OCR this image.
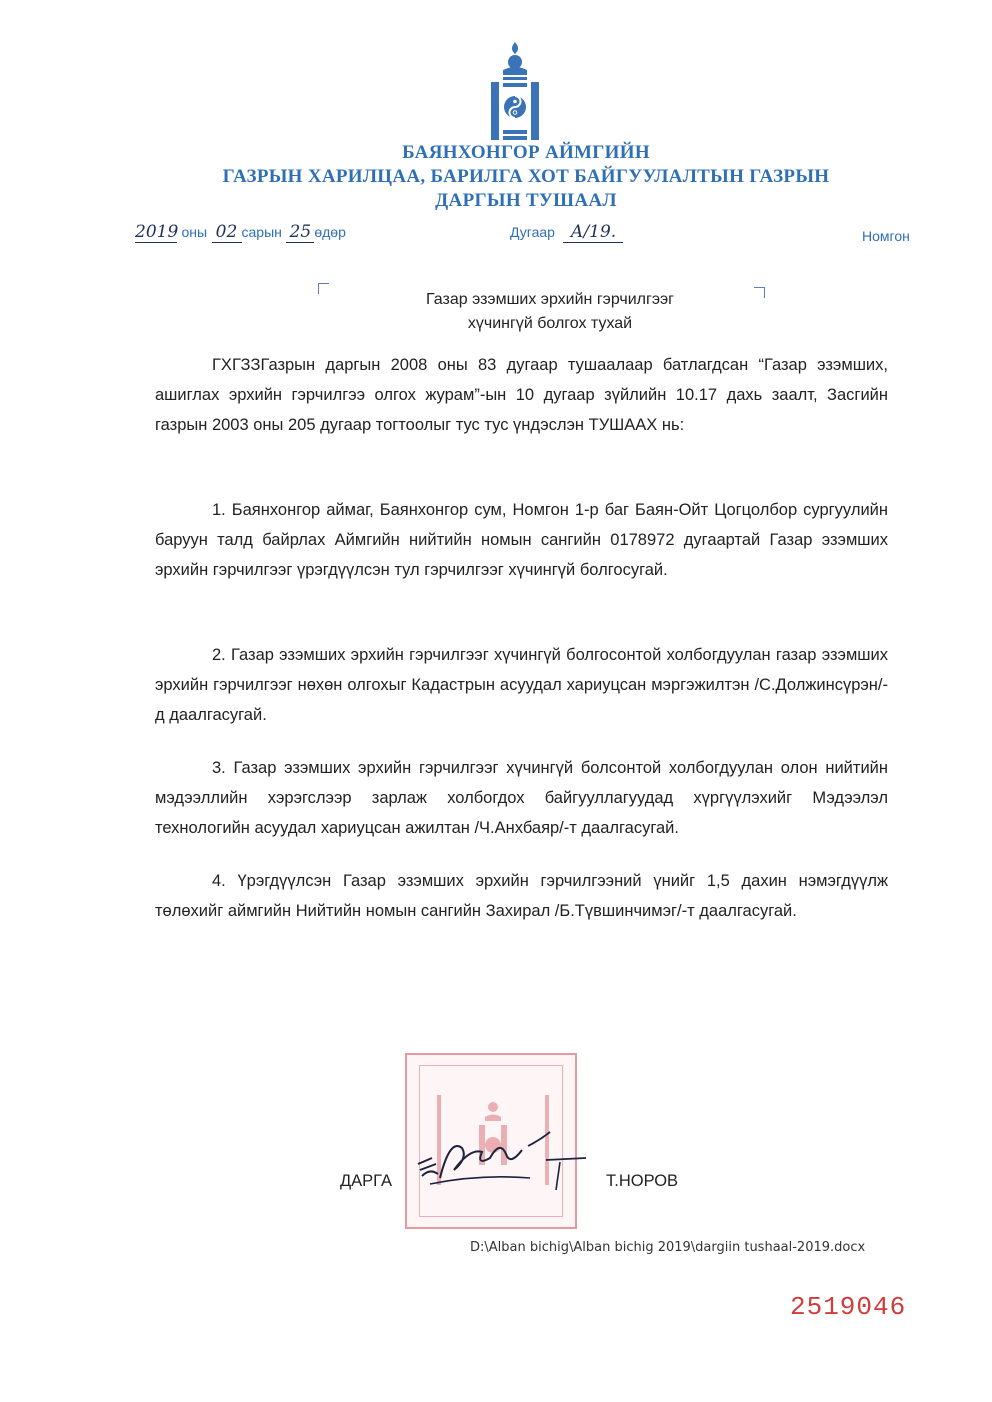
БАЯНХОНГОР АЙМГИЙН
ГАЗРЫН ХАРИЛЦАА, БАРИЛГА ХОТ БАЙГУУЛАЛТЫН ГАЗРЫН
ДАРГЫН ТУШААЛ
2019 оны 02 сарын 25 өдөр	Дугаар А/19.	Номгон
Газар эзэмших эрхийн гэрчилгээг
хүчингүй болгох тухай

ГХГЗЗГазрын даргын 2008 оны 83 дугаар тушаалаар батлагдсан “Газар эзэмших, ашиглах эрхийн гэрчилгээ олгох журам”-ын 10 дугаар зүйлийн 10.17 дахь заалт, Засгийн газрын 2003 оны 205 дугаар тогтоолыг тус тус үндэслэн ТУШААХ нь:

1. Баянхонгор аймаг, Баянхонгор сум, Номгон 1-р баг Баян-Ойт Цогцолбор сургуулийн баруун талд байрлах Аймгийн нийтийн номын сангийн 0178972 дугаартай Газар эзэмших эрхийн гэрчилгээг үрэгдүүлсэн тул гэрчилгээг хүчингүй болгосугай.

2. Газар эзэмших эрхийн гэрчилгээг хүчингүй болгосонтой холбогдуулан газар эзэмших эрхийн гэрчилгээг нөхөн олгохыг Кадастрын асуудал хариуцсан мэргэжилтэн /С.Должинсүрэн/-д даалгасугай.

3. Газар эзэмших эрхийн гэрчилгээг хүчингүй болсонтой холбогдуулан олон нийтийн мэдээллийн хэрэгслээр зарлаж холбогдох байгууллагуудад хүргүүлэхийг Мэдээлэл технологийн асуудал хариуцсан ажилтан /Ч.Анхбаяр/-т даалгасугай.

4. Үрэгдүүлсэн Газар эзэмших эрхийн гэрчилгээний үнийг 1,5 дахин нэмэгдүүлж төлөхийг аймгийн Нийтийн номын сангийн Захирал /Б.Түвшинчимэг/-т даалгасугай.

ДАРГА	Т.НОРОВ
D:\Alban bichig\Alban bichig 2019\dargiin tushaal-2019.docx
2519046
